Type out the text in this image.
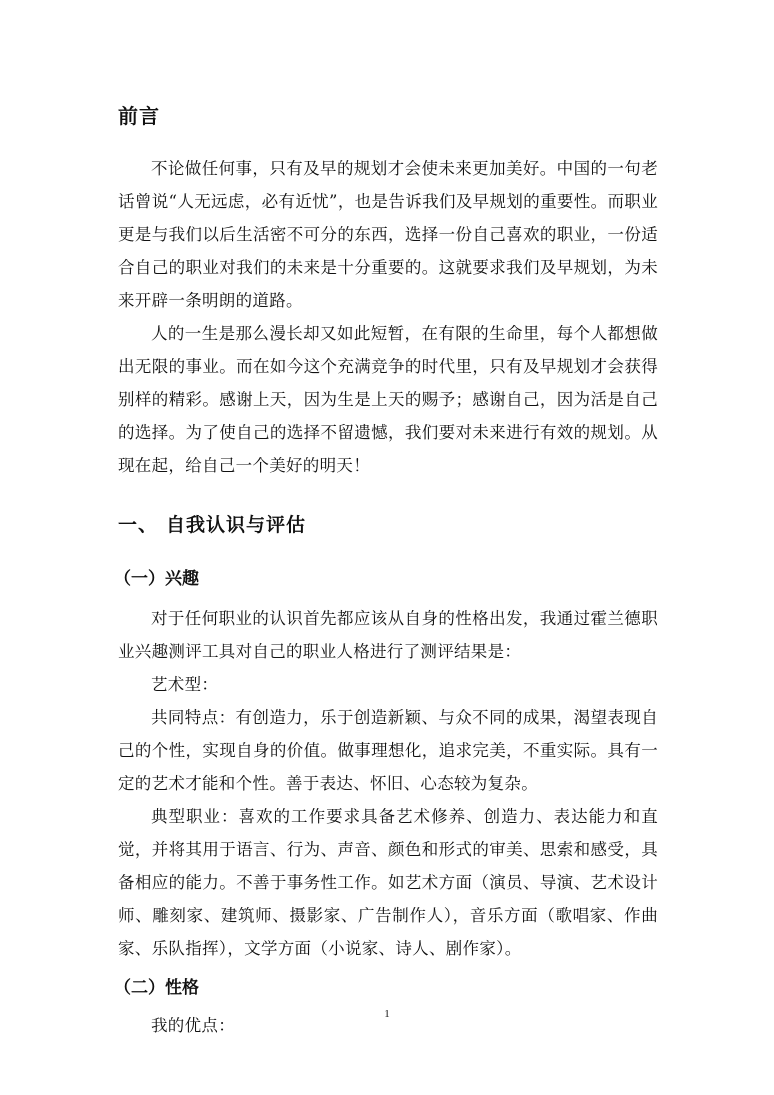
前言

不论做任何事，只有及早的规划才会使未来更加美好。中国的一句老话曾说“人无远虑，必有近忧”，也是告诉我们及早规划的重要性。而职业更是与我们以后生活密不可分的东西，选择一份自己喜欢的职业，一份适合自己的职业对我们的未来是十分重要的。这就要求我们及早规划，为未来开辟一条明朗的道路。

人的一生是那么漫长却又如此短暂，在有限的生命里，每个人都想做出无限的事业。而在如今这个充满竞争的时代里，只有及早规划才会获得别样的精彩。感谢上天，因为生是上天的赐予；感谢自己，因为活是自己的选择。为了使自己的选择不留遗憾，我们要对未来进行有效的规划。从现在起，给自己一个美好的明天！

一、 自我认识与评估
（一）兴趣

对于任何职业的认识首先都应该从自身的性格出发，我通过霍兰德职业兴趣测评工具对自己的职业人格进行了测评结果是：

艺术型：

共同特点：有创造力，乐于创造新颖、与众不同的成果，渴望表现自己的个性，实现自身的价值。做事理想化，追求完美，不重实际。具有一定的艺术才能和个性。善于表达、怀旧、心态较为复杂。

典型职业：喜欢的工作要求具备艺术修养、创造力、表达能力和直觉，并将其用于语言、行为、声音、颜色和形式的审美、思索和感受，具备相应的能力。不善于事务性工作。如艺术方面（演员、导演、艺术设计师、雕刻家、建筑师、摄影家、广告制作人），音乐方面（歌唱家、作曲家、乐队指挥），文学方面（小说家、诗人、剧作家）。

（二）性格

我的优点：

1
